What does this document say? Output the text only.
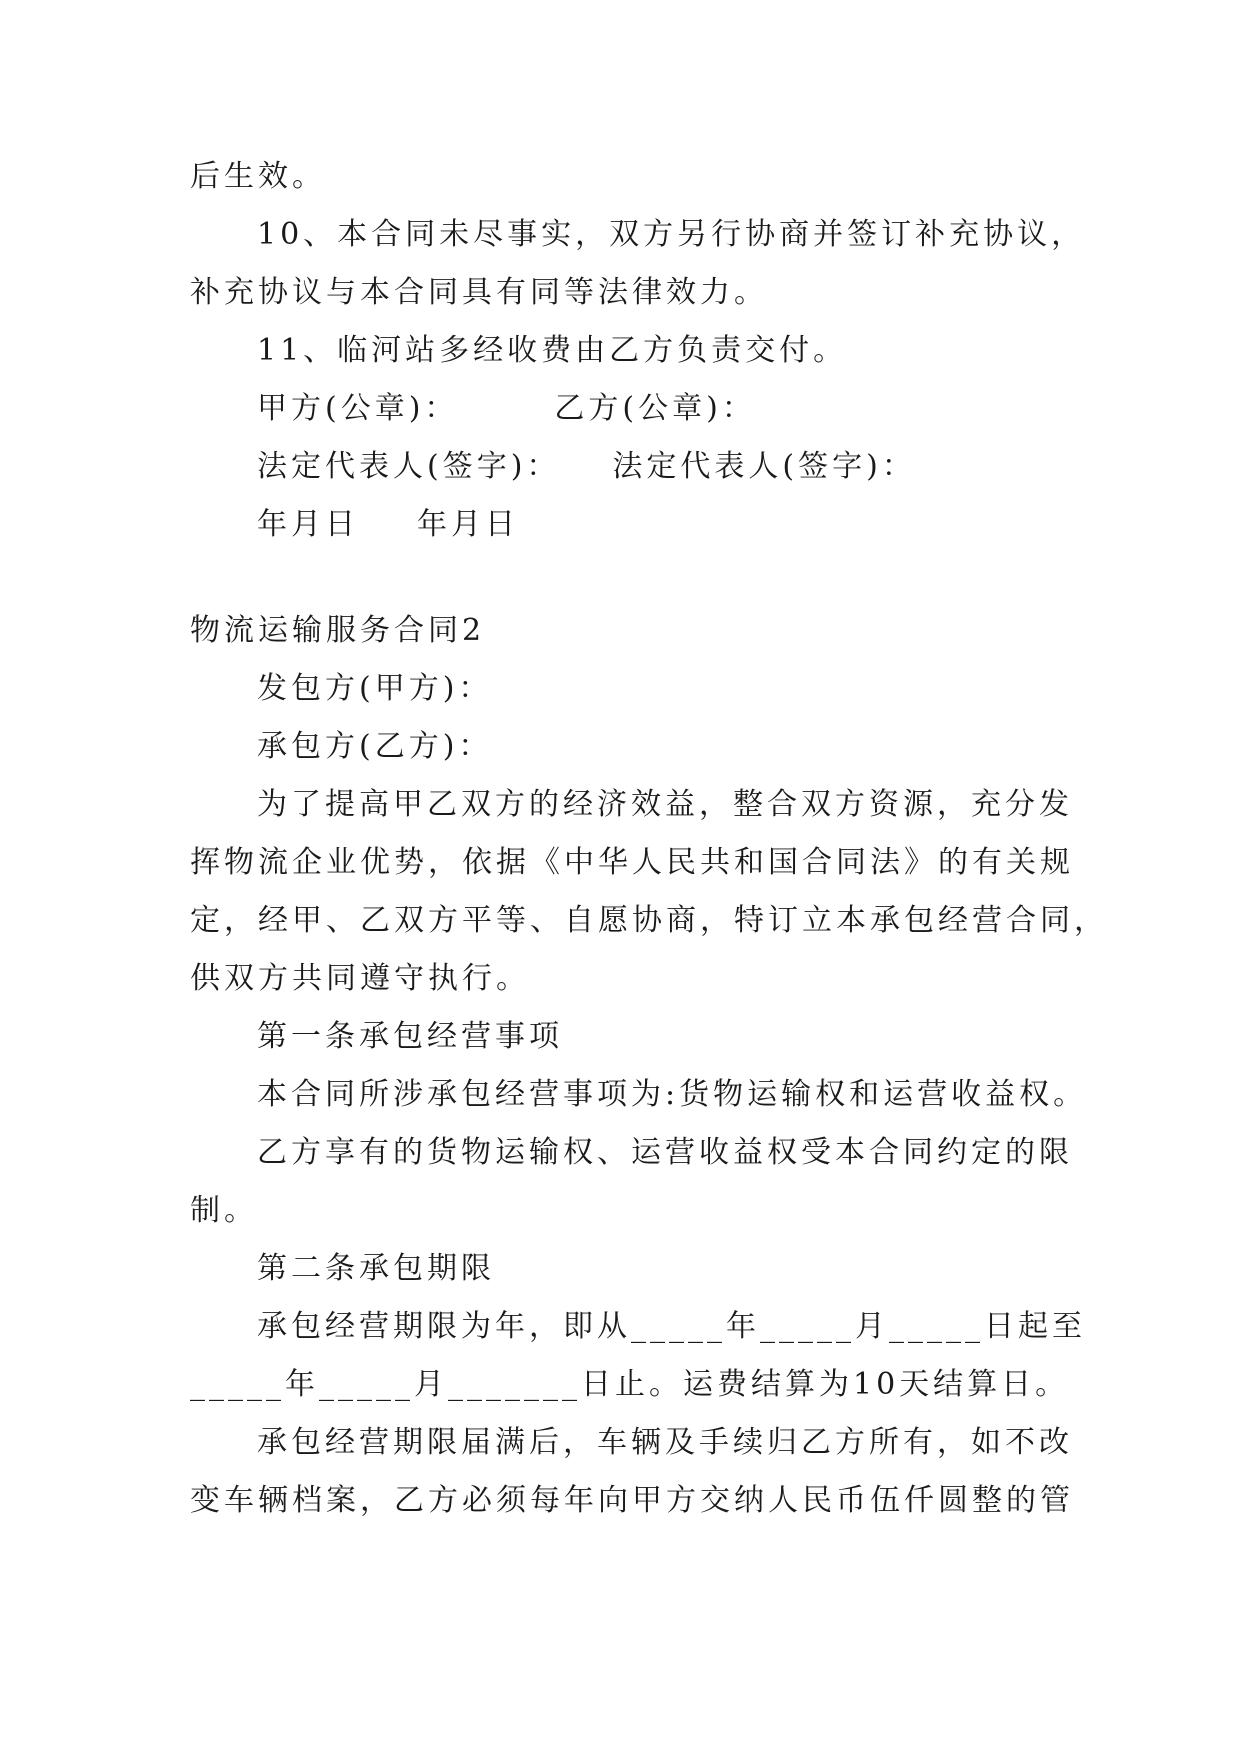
后生效。
10、本合同未尽事实，双方另行协商并签订补充协议，
补充协议与本合同具有同等法律效力。
11、临河站多经收费由乙方负责交付。
甲方(公章)：	乙方(公章)：
法定代表人(签字)： 法定代表人(签字)：
年月日 年月日
物流运输服务合同2
发包方(甲方)：
承包方(乙方)：
为了提高甲乙双方的经济效益，整合双方资源，充分发
挥物流企业优势，依据《中华人民共和国合同法》的有关规
定，经甲、乙双方平等、自愿协商，特订立本承包经营合同，
供双方共同遵守执行。
第一条承包经营事项
本合同所涉承包经营事项为:货物运输权和运营收益权。
乙方享有的货物运输权、运营收益权受本合同约定的限
制。
第二条承包期限
承包经营期限为年，即从_____年_____月_____日起至
_____年_____月_______日止。运费结算为10天结算日。
承包经营期限届满后，车辆及手续归乙方所有，如不改
变车辆档案，乙方必须每年向甲方交纳人民币伍仟圆整的管
